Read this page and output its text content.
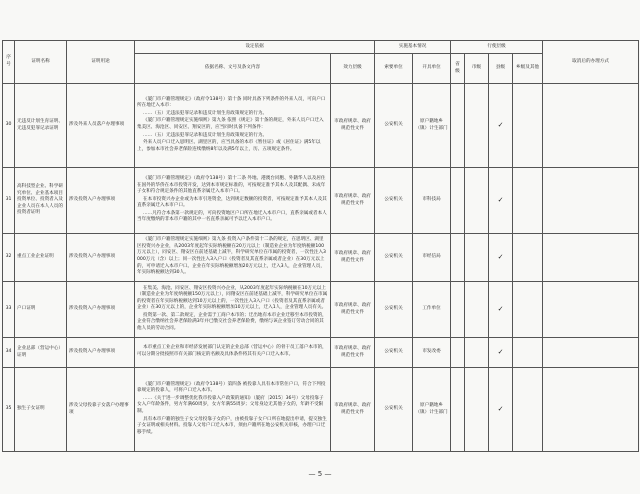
序号	证明名称	证明用途	设定依据		实施基本情况		行使层级				取消后的办理方式
			依据名称、文号及条文内容	效力层级	索要单位	开具单位	省级	市级	县级	乡级及其他	
30	无违反计划生育证明、无违反犯罪记录证明	涉及外来人员落户办理事项	《厦门市户籍管理规定》（政府令138号）第十条 同时具备下列条件的外来人员，可向户口所在地迁入本市：

……（五）无违法犯罪记录和违反计划生育政策规定的行为。

《厦门市户籍管理规定实施细则》第九条 依照《规定》第十条的规定，外来人员户口迁入集美区、海沧区、同安区、翔安区的，应当同时具备下列条件：

……（五）无违法犯罪记录和违反计划生育政策规定的行为。

外来人员户口迁入思明区、湖里区的，应当具备的本市《暂住证》或《居住证》满5年以上，参加本市社会养老保险连续缴纳8年以及满5年以上，历、五项规定条件。	市政府规章、政府规范性文件	公安机关	原户籍地乡（镇）计生部门			✓		
31	高科技型企业、科学研究单位、企业基本项目投资单位、投资者入及企业人员在本人人员的投资者证明	涉及投资入户办理事项	《厦门市户籍管理规定》（政府令138号）第十二条 外地、港澳台同胞、外籍华人以及居住在国外的华侨在本市投资开发，达到本市规定标准的，可按规定准予其本人及其配偶、未成年子女和符合规定条件的其他直系亲属迁入本市户口。

在本市投资兴办企业或为本市引进资金，达到规定数额的投资者，可按规定准予其本人及其直系亲属迁入本市户口。

……凡符合本条第一款规定的，可向投资地区户口所在地迁入本市户口，直系亲属或者本人当年度缴纳的非本市户籍的其中一名直系亲属可予以迁入本市户口。	市政府规章、政府规范性文件	公安机关	市科技局			✓		
32	重点工业企业证明	涉及投资入户办理事项	《厦门市户籍管理规定实施细则》第九条 投资入户条件第十二条的规定，在思明区、湖里区投资兴办企业，从2003年度起年实际纳税额在20万元以上（制造业企业为年度纳税额100万元以上），同安区、翔安区在前述基础上减半，科学研究单位在市属的投资者，一次性注入3000万元（含）以上；同一次性注入3入户口（投资者及其直系亲属或者企业）在30万元以上的，可申请迁入本市户口。企业在年实际纳税额增加20万元以上，迁入3人，企业管理人员，年实际纳税额达到30人。	市政府规章、政府规范性文件	公安机关	市经信局			✓		
33	户口证明	涉及投资入户办理事项	在集美、海沧、同安区、翔安区投资兴办企业，从2003年度起年实际纳税额在10万元以上（制造业企业为年度纳税额150万元以上），同翔安区在前述基础上减半，科学研究单位在市属的投资者在年实际纳税额达到10万元以上的，一次性注入3入户口（投资者及其直系亲属或者企业）在30万元以上的，企业年实际纳税额增加10万元以上，迁入1人，企业管理人员有关。

投资第一款、第二款规定，企业需于工商户本市的；迁出地有本市企业迁移至本市投资的，企业符合缴纳社会养老保险满3年并已缴交社会养老保险费，缴纳与该企业签订劳动合同的其他人员的劳动合同。	市政府规章、政府规范性文件	公安机关	工作单位			✓		
34	企业总部（营运中心）证明	涉及投资入户办理事项	本市重点工业企业和市经济发展部门认定的企业总部（营运中心）的骨干员工落户本市的，可以分期分批按照市有关部门核定的名额及具体条件将其有关户口迁入本市。	市政府规章、政府规范性文件	公安机关	市发改委			✓		
35	独生子女证明	涉及父母投靠子女落户办理事项	《厦门市户籍管理规定》（政府令138号）第四条 被投靠人具有本市常住户口，符合下列投靠规定的投靠人，可将户口迁入本市。

……《关于进一步调整优化我市投靠入户政策的通知》（厦府〔2015〕36号）父母投靠子女入户年龄条件，男方年满60周岁，女方年满55周岁；父母身边无其他子女的，年龄不受限制。

具有本市户籍的独生子女父母投靠子女的户，由被投靠子女户口所在地提出申请，提交独生子女证明或相关材料。投靠人父母户口迁入本市，须由户籍所在地公安机关审核，办理户口迁移手续。	市政府规章、政府规范性文件	公安机关	原户籍地乡（镇）计生部门			✓		
— 5 —
